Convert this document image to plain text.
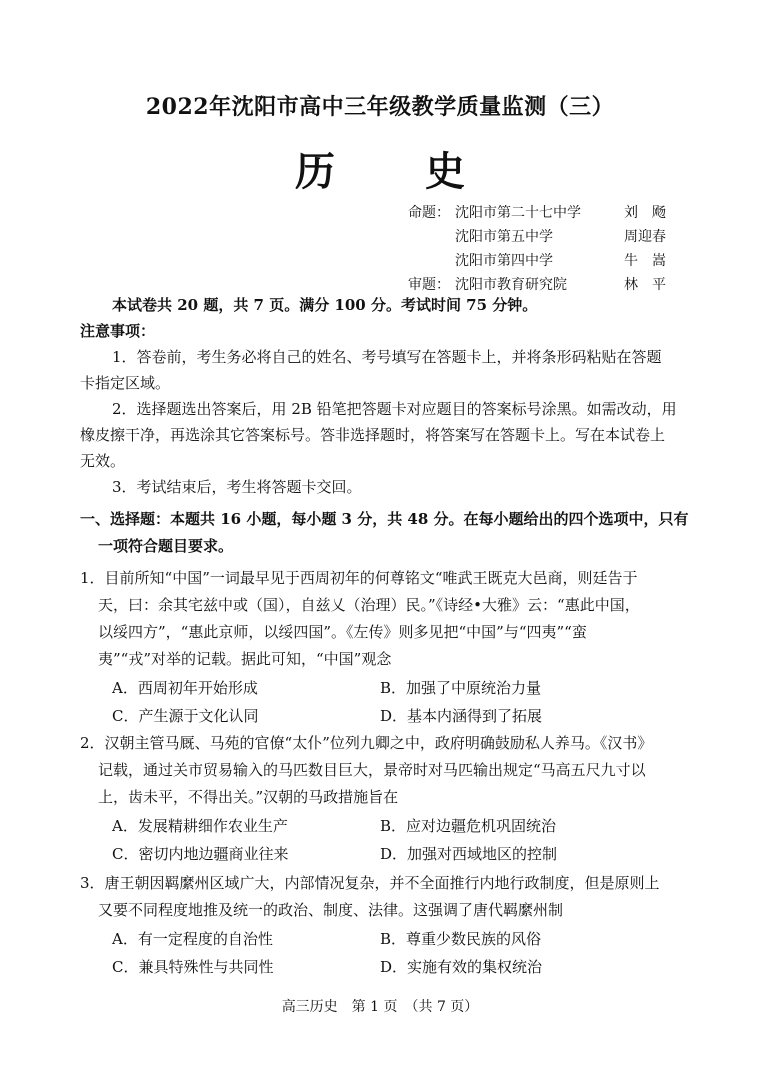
2022年沈阳市高中三年级教学质量监测（三）
历 史
命题： 沈阳市第二十七中学	刘　飏
沈阳市第五中学	周迎春
沈阳市第四中学	牛　嵩
审题： 沈阳市教育研究院	林　平
本试卷共 20 题，共 7 页。满分 100 分。考试时间 75 分钟。
注意事项：
1．答卷前，考生务必将自己的姓名、考号填写在答题卡上，并将条形码粘贴在答题
卡指定区域。
2．选择题选出答案后，用 2B 铅笔把答题卡对应题目的答案标号涂黑。如需改动，用
橡皮擦干净，再选涂其它答案标号。答非选择题时，将答案写在答题卡上。写在本试卷上
无效。
3．考试结束后，考生将答题卡交回。
一、选择题：本题共 16 小题，每小题 3 分，共 48 分。在每小题给出的四个选项中，只有
一项符合题目要求。
1．目前所知“中国”一词最早见于西周初年的何尊铭文“唯武王既克大邑商，则廷告于
天，曰：余其宅兹中或（国），自兹乂（治理）民。”《诗经•大雅》云：“惠此中国，
以绥四方”，“惠此京师，以绥四国”。《左传》则多见把“中国”与“四夷”“蛮
夷”“戎”对举的记载。据此可知，“中国”观念
A．西周初年开始形成	B．加强了中原统治力量
C．产生源于文化认同	D．基本内涵得到了拓展
2．汉朝主管马厩、马苑的官僚“太仆”位列九卿之中，政府明确鼓励私人养马。《汉书》
记载，通过关市贸易输入的马匹数目巨大，景帝时对马匹输出规定“马高五尺九寸以
上，齿未平，不得出关。”汉朝的马政措施旨在
A．发展精耕细作农业生产	B．应对边疆危机巩固统治
C．密切内地边疆商业往来	D．加强对西域地区的控制
3．唐王朝因羁縻州区域广大，内部情况复杂，并不全面推行内地行政制度，但是原则上
又要不同程度地推及统一的政治、制度、法律。这强调了唐代羁縻州制
A．有一定程度的自治性	B．尊重少数民族的风俗
C．兼具特殊性与共同性	D．实施有效的集权统治
高三历史　第 1 页　（共 7 页）
